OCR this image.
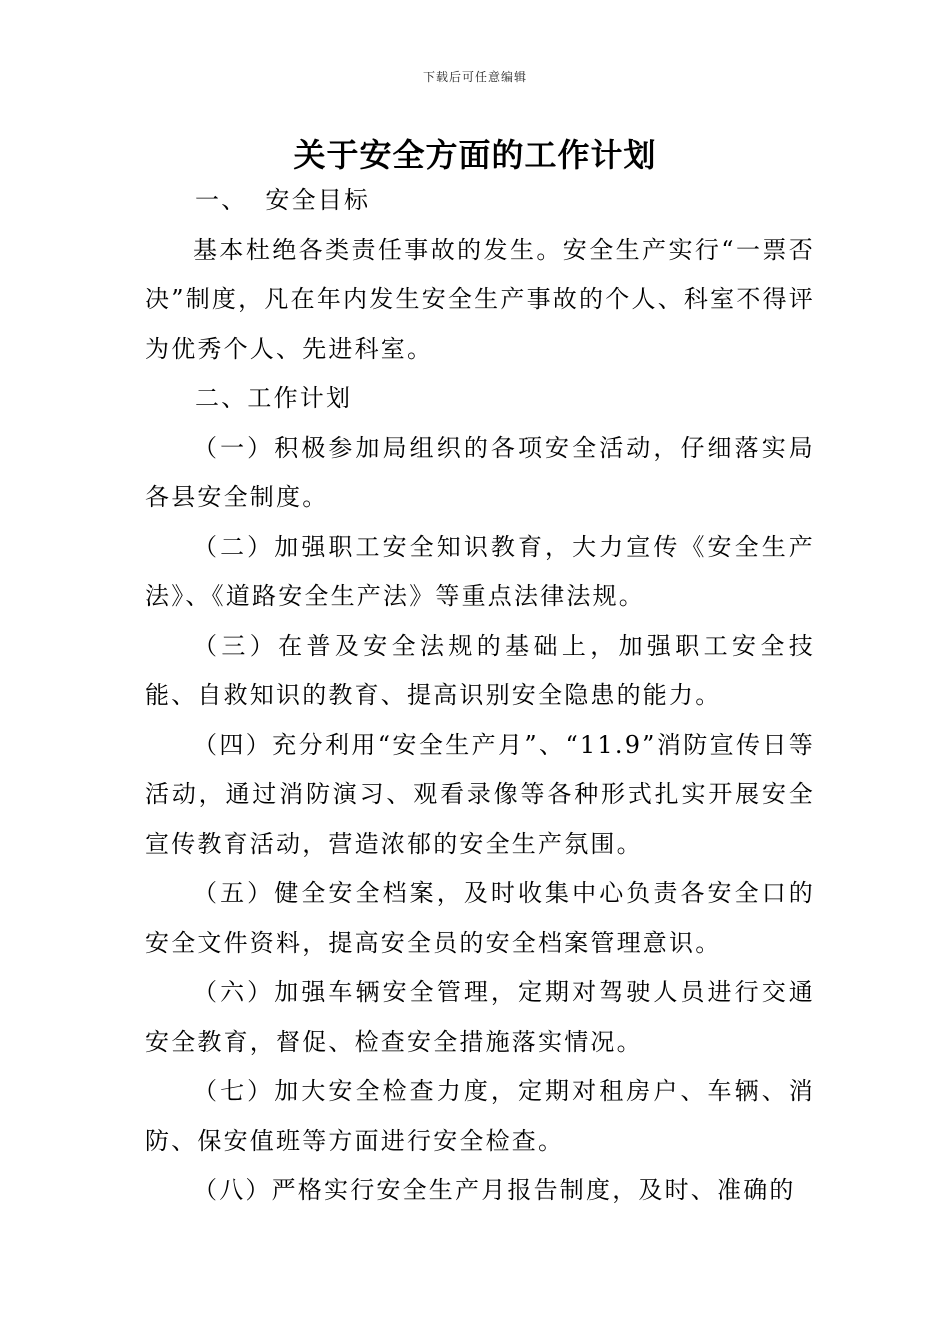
下载后可任意编辑
关于安全方面的工作计划

一、 安全目标

基本杜绝各类责任事故的发生。安全生产实行“一票否决”制度，凡在年内发生安全生产事故的个人、科室不得评为优秀个人、先进科室。

二、工作计划

（一）积极参加局组织的各项安全活动，仔细落实局各县安全制度。

（二）加强职工安全知识教育，大力宣传《安全生产法》、《道路安全生产法》等重点法律法规。

（三）在普及安全法规的基础上，加强职工安全技能、自救知识的教育、提高识别安全隐患的能力。

（四）充分利用“安全生产月”、“11.9”消防宣传日等活动，通过消防演习、观看录像等各种形式扎实开展安全宣传教育活动，营造浓郁的安全生产氛围。

（五）健全安全档案，及时收集中心负责各安全口的安全文件资料，提高安全员的安全档案管理意识。

（六）加强车辆安全管理，定期对驾驶人员进行交通安全教育，督促、检查安全措施落实情况。

（七）加大安全检查力度，定期对租房户、车辆、消防、保安值班等方面进行安全检查。

（八）严格实行安全生产月报告制度，及时、准确的
